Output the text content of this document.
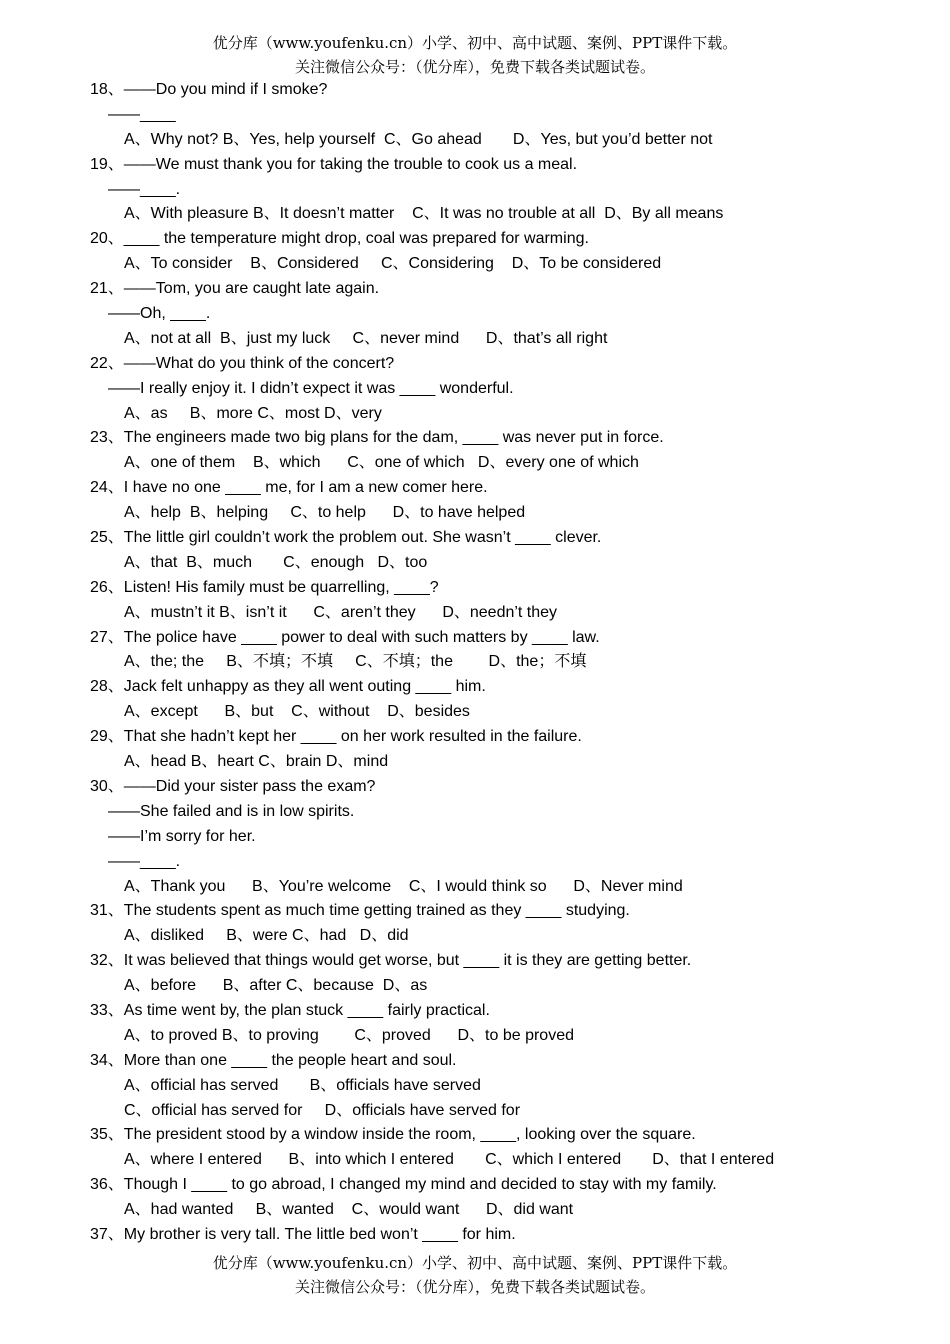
优分库（www.youfenku.cn）小学、初中、高中试题、案例、PPT课件下载。
关注微信公众号：（优分库），免费下载各类试题试卷。
18、——Do you mind if I smoke?
——____
A、Why not? B、Yes, help yourself  C、Go ahead       D、Yes, but you’d better not
19、——We must thank you for taking the trouble to cook us a meal.
——____.
A、With pleasure B、It doesn’t matter    C、It was no trouble at all  D、By all means
20、____ the temperature might drop, coal was prepared for warming.
A、To consider    B、Considered     C、Considering    D、To be considered
21、——Tom, you are caught late again.
——Oh, ____.
A、not at all  B、just my luck     C、never mind      D、that’s all right
22、——What do you think of the concert?
——I really enjoy it. I didn’t expect it was ____ wonderful.
A、as     B、more C、most D、very
23、The engineers made two big plans for the dam, ____ was never put in force.
A、one of them    B、which      C、one of which   D、every one of which
24、I have no one ____ me, for I am a new comer here.
A、help  B、helping     C、to help      D、to have helped
25、The little girl couldn’t work the problem out. She wasn’t ____ clever.
A、that  B、much       C、enough   D、too
26、Listen! His family must be quarrelling, ____?
A、mustn’t it B、isn’t it      C、aren’t they      D、needn’t they
27、The police have ____ power to deal with such matters by ____ law.
A、the; the     B、不填；不填     C、不填；the        D、the；不填
28、Jack felt unhappy as they all went outing ____ him.
A、except      B、but    C、without    D、besides
29、That she hadn’t kept her ____ on her work resulted in the failure.
A、head B、heart C、brain D、mind
30、——Did your sister pass the exam?
——She failed and is in low spirits.
——I’m sorry for her.
——____.
A、Thank you      B、You’re welcome    C、I would think so      D、Never mind
31、The students spent as much time getting trained as they ____ studying.
A、disliked     B、were C、had   D、did
32、It was believed that things would get worse, but ____ it is they are getting better.
A、before      B、after C、because  D、as
33、As time went by, the plan stuck ____ fairly practical.
A、to proved B、to proving        C、proved      D、to be proved
34、More than one ____ the people heart and soul.
A、official has served       B、officials have served
C、official has served for     D、officials have served for
35、The president stood by a window inside the room, ____, looking over the square.
A、where I entered      B、into which I entered       C、which I entered       D、that I entered
36、Though I ____ to go abroad, I changed my mind and decided to stay with my family.
A、had wanted     B、wanted    C、would want      D、did want
37、My brother is very tall. The little bed won’t ____ for him.
优分库（www.youfenku.cn）小学、初中、高中试题、案例、PPT课件下载。
关注微信公众号：（优分库），免费下载各类试题试卷。
